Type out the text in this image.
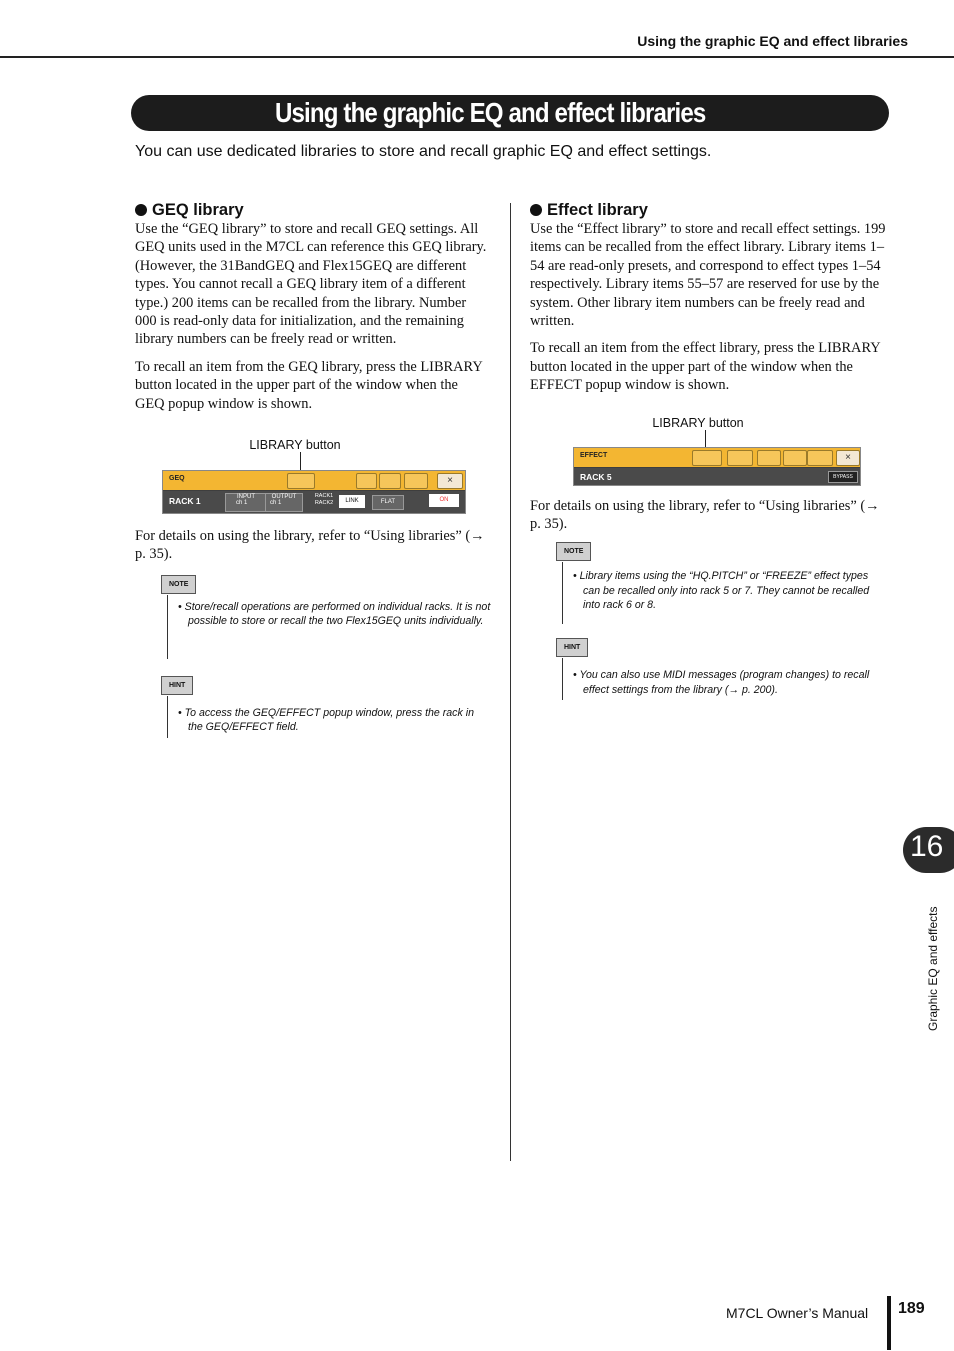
Using the graphic EQ and effect libraries
Using the graphic EQ and effect libraries
You can use dedicated libraries to store and recall graphic EQ and effect settings.
GEQ library

Use the “GEQ library” to store and recall GEQ settings. All GEQ units used in the M7CL can reference this GEQ library. (However, the 31BandGEQ and Flex15GEQ are different types. You cannot recall a GEQ library item of a different type.) 200 items can be recalled from the library. Number 000 is read-only data for initialization, and the remaining library numbers can be freely read or written.

To recall an item from the GEQ library, press the LIBRARY button located in the upper part of the window when the GEQ popup window is shown.

LIBRARY button
GEQ	×
RACK 1	INPUT
ch 1
OUTPUT
ch 1
RACK1 RACK2	LINK	FLAT	ON

For details on using the library, refer to “Using libraries” (→ p. 35).

NOTE
• Store/recall operations are performed on individual racks. It is not possible to store or recall the two Flex15GEQ units individually.
HINT
• To access the GEQ/EFFECT popup window, press the rack in the GEQ/EFFECT field.
Effect library

Use the “Effect library” to store and recall effect settings. 199 items can be recalled from the effect library. Library items 1–54 are read-only presets, and correspond to effect types 1–54 respectively. Library items 55–57 are reserved for use by the system. Other library item numbers can be freely read and written.

To recall an item from the effect library, press the LIBRARY button located in the upper part of the window when the EFFECT popup window is shown.

LIBRARY button
EFFECT	×
RACK 5	BYPASS

For details on using the library, refer to “Using libraries” (→ p. 35).

NOTE
• Library items using the “HQ.PITCH” or “FREEZE” effect types can be recalled only into rack 5 or 7. They cannot be recalled into rack 6 or 8.
HINT
• You can also use MIDI messages (program changes) to recall effect settings from the library (→ p. 200).
16
Graphic EQ and effects
M7CL Owner’s Manual 189
